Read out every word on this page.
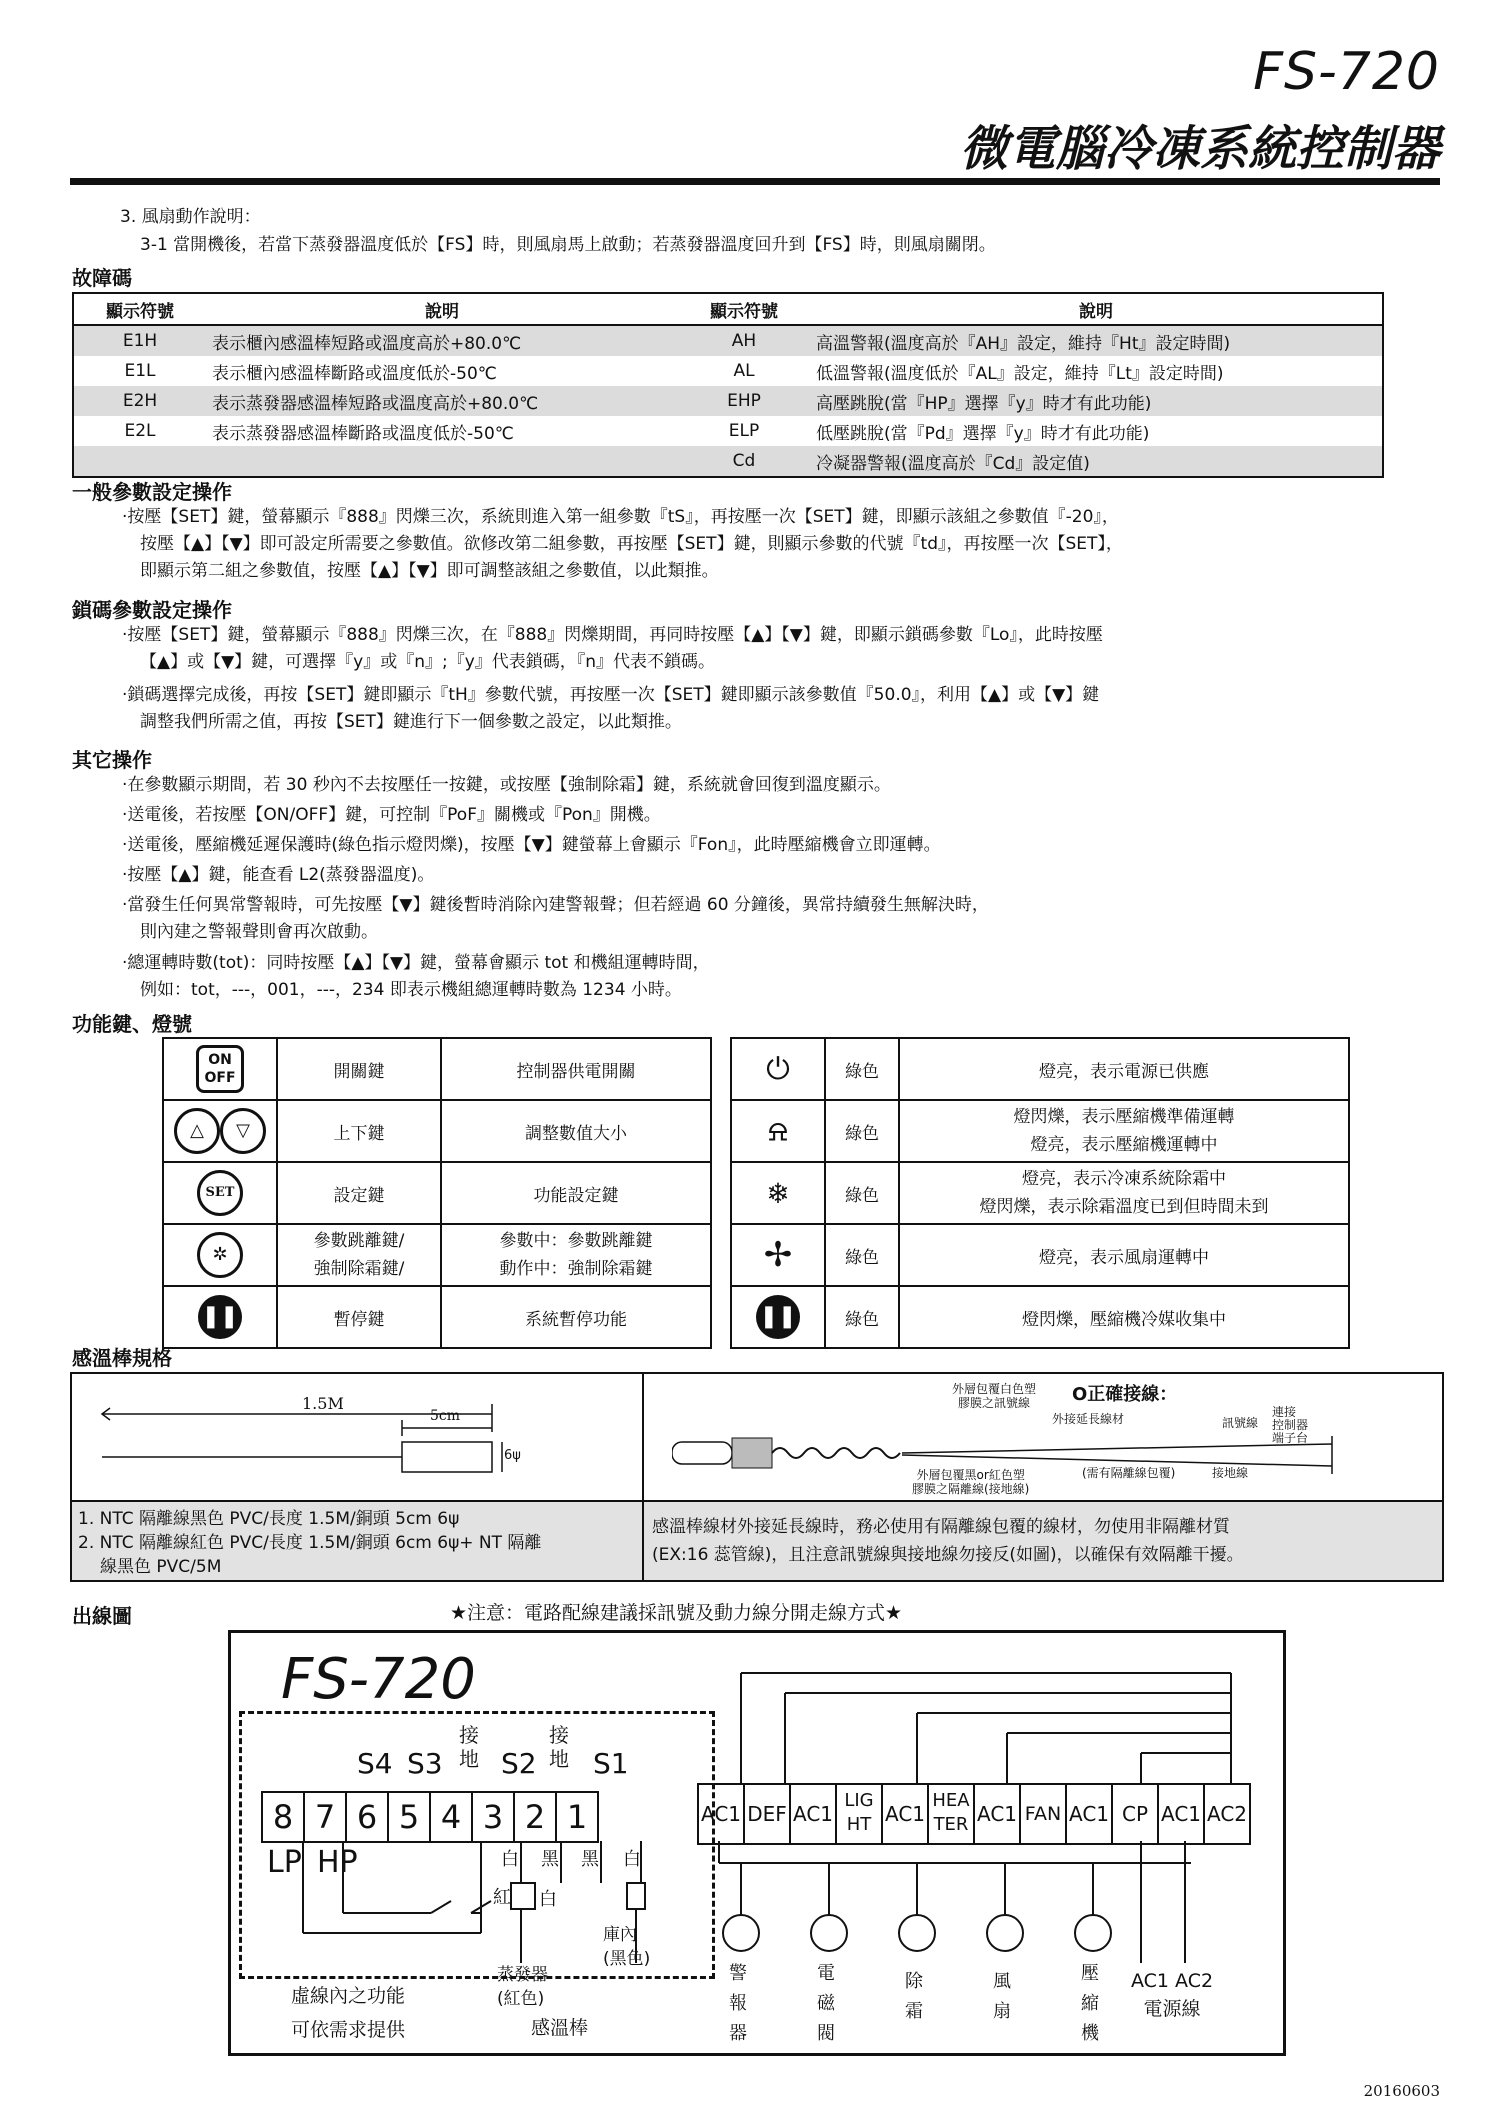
FS-720
微電腦冷凍系統控制器
3. 風扇動作說明：
3-1 當開機後，若當下蒸發器溫度低於【FS】時，則風扇馬上啟動；若蒸發器溫度回升到【FS】時，則風扇關閉。
故障碼
顯示符號	說明	顯示符號	說明
E1H	表示櫃內感溫棒短路或溫度高於+80.0℃	AH	高溫警報(溫度高於『AH』設定，維持『Ht』設定時間)
E1L	表示櫃內感溫棒斷路或溫度低於-50℃	AL	低溫警報(溫度低於『AL』設定，維持『Lt』設定時間)
E2H	表示蒸發器感溫棒短路或溫度高於+80.0℃	EHP	高壓跳脫(當『HP』選擇『y』時才有此功能)
E2L	表示蒸發器感溫棒斷路或溫度低於-50℃	ELP	低壓跳脫(當『Pd』選擇『y』時才有此功能)
		Cd	冷凝器警報(溫度高於『Cd』設定值)
一般參數設定操作
‧按壓【SET】鍵，螢幕顯示『888』閃爍三次，系統則進入第一組參數『tS』，再按壓一次【SET】鍵，即顯示該組之參數值『-20』，
按壓【▲】【▼】即可設定所需要之參數值。欲修改第二組參數，再按壓【SET】鍵，則顯示參數的代號『td』，再按壓一次【SET】，
即顯示第二組之參數值，按壓【▲】【▼】即可調整該組之參數值，以此類推。
鎖碼參數設定操作
‧按壓【SET】鍵，螢幕顯示『888』閃爍三次，在『888』閃爍期間，再同時按壓【▲】【▼】鍵，即顯示鎖碼參數『Lo』，此時按壓
【▲】或【▼】鍵，可選擇『y』或『n』;『y』代表鎖碼，『n』代表不鎖碼。
‧鎖碼選擇完成後，再按【SET】鍵即顯示『tH』參數代號，再按壓一次【SET】鍵即顯示該參數值『50.0』，利用【▲】或【▼】鍵
調整我們所需之值，再按【SET】鍵進行下一個參數之設定，以此類推。
其它操作
‧在參數顯示期間，若 30 秒內不去按壓任一按鍵，或按壓【強制除霜】鍵，系統就會回復到溫度顯示。
‧送電後，若按壓【ON/OFF】鍵，可控制『PoF』關機或『Pon』開機。
‧送電後，壓縮機延遲保護時(綠色指示燈閃爍)，按壓【▼】鍵螢幕上會顯示『Fon』，此時壓縮機會立即運轉。
‧按壓【▲】鍵，能查看 L2(蒸發器溫度)。
‧當發生任何異常警報時，可先按壓【▼】鍵後暫時消除內建警報聲；但若經過 60 分鐘後，異常持續發生無解決時，
則內建之警報聲則會再次啟動。
‧總運轉時數(tot)：同時按壓【▲】【▼】鍵，螢幕會顯示 tot 和機組運轉時間，
例如：tot，---，001，---，234 即表示機組總運轉時數為 1234 小時。
功能鍵、燈號
ON
OFF	開關鍵	控制器供電開關
△ ▽	上下鍵	調整數值大小
SET	設定鍵	功能設定鍵
✲	參數跳離鍵/
強制除霜鍵/	參數中：參數跳離鍵
動作中：強制除霜鍵
❚❚	暫停鍵	系統暫停功能
⏻	綠色	燈亮，表示電源已供應
⍾	綠色	燈閃爍，表示壓縮機準備運轉
燈亮，表示壓縮機運轉中
❄	綠色	燈亮，表示冷凍系統除霜中
燈閃爍，表示除霜溫度已到但時間未到
✢	綠色	燈亮，表示風扇運轉中
❚❚	綠色	燈閃爍，壓縮機冷媒收集中
感溫棒規格
1.5M
5cm
6ψ
外層包覆白色塑
膠膜之訊號線	O正確接線：
外接延長線材	訊號線
連接
控制器
端子台
(需有隔離線包覆)	接地線
外層包覆黑or紅色塑
膠膜之隔離線(接地線)
1. NTC 隔離線黑色 PVC/長度 1.5M/銅頭 5cm 6ψ
2. NTC 隔離線紅色 PVC/長度 1.5M/銅頭 6cm 6ψ+ NT 隔離
線黑色 PVC/5M
感溫棒線材外接延長線時，務必使用有隔離線包覆的線材，勿使用非隔離材質
(EX:16 蕊管線)，且注意訊號線與接地線勿接反(如圖)，以確保有效隔離干擾。
出線圖	★注意：電路配線建議採訊號及動力線分開走線方式★
FS-720
S4 S3
接
地 S2
接
地 S1
8 7 6 5 4 3 2 1
LP HP	白 黑 黑 白
紅 白
蒸發器
(紅色)
庫內
(黑色)
虛線內之功能
可依需求提供	感溫棒
AC1 DEF AC1
LIG
HT AC1
HEA
TER AC1 FAN AC1 CP AC1 AC2
警
報
器
電
磁
閥
除
霜
風
扇
壓
縮
機
AC1 AC2
電源線
20160603
